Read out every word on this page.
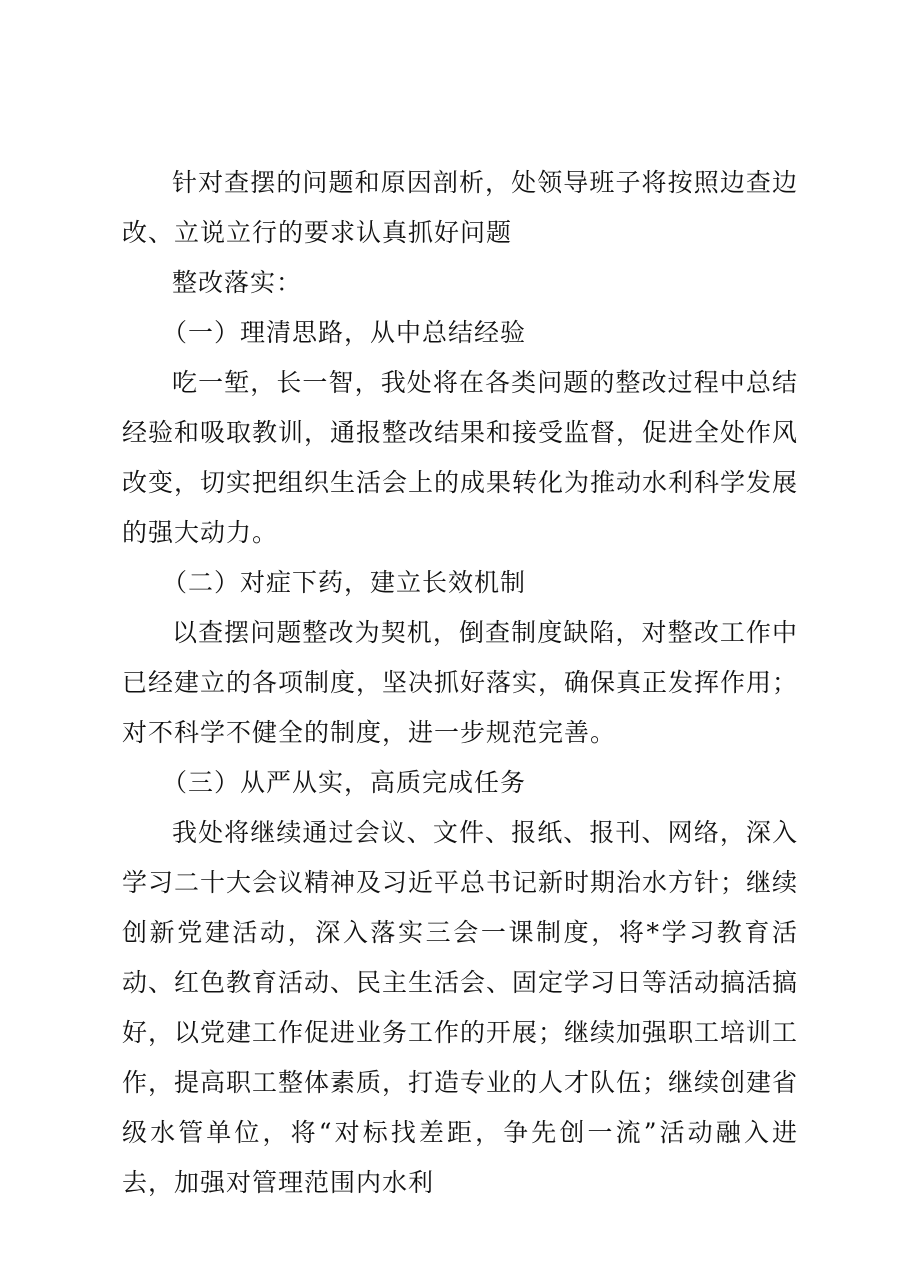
针对查摆的问题和原因剖析，处领导班子将按照边查边改、立说立行的要求认真抓好问题

整改落实：

（一）理清思路，从中总结经验

吃一堑，长一智，我处将在各类问题的整改过程中总结经验和吸取教训，通报整改结果和接受监督，促进全处作风改变，切实把组织生活会上的成果转化为推动水利科学发展的强大动力。

（二）对症下药，建立长效机制

以查摆问题整改为契机，倒查制度缺陷，对整改工作中已经建立的各项制度，坚决抓好落实，确保真正发挥作用；对不科学不健全的制度，进一步规范完善。

（三）从严从实，高质完成任务

我处将继续通过会议、文件、报纸、报刊、网络，深入学习二十大会议精神及习近平总书记新时期治水方针；继续创新党建活动，深入落实三会一课制度，将*学习教育活动、红色教育活动、民主生活会、固定学习日等活动搞活搞好，以党建工作促进业务工作的开展；继续加强职工培训工作，提高职工整体素质，打造专业的人才队伍；继续创建省级水管单位，将“对标找差距，争先创一流”活动融入进去，加强对管理范围内水利
